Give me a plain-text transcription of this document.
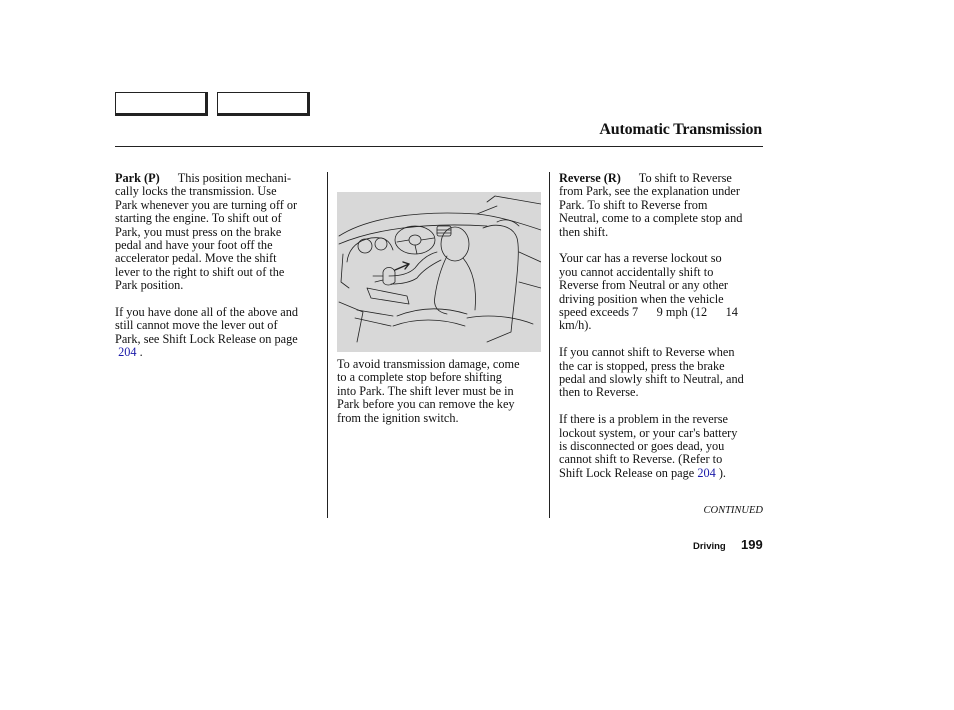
Automatic Transmission

Park (P) This position mechani-
cally locks the transmission. Use
Park whenever you are turning off or
starting the engine. To shift out of
Park, you must press on the brake
pedal and have your foot off the
accelerator pedal. Move the shift
lever to the right to shift out of the
Park position.

If you have done all of the above and
still cannot move the lever out of
Park, see Shift Lock Release on page
204 .

To avoid transmission damage, come
to a complete stop before shifting
into Park. The shift lever must be in
Park before you can remove the key
from the ignition switch.

Reverse (R) To shift to Reverse
from Park, see the explanation under
Park. To shift to Reverse from
Neutral, come to a complete stop and
then shift.

Your car has a reverse lockout so
you cannot accidentally shift to
Reverse from Neutral or any other
driving position when the vehicle
speed exceeds 7      9 mph (12      14
km/h).

If you cannot shift to Reverse when
the car is stopped, press the brake
pedal and slowly shift to Neutral, and
then to Reverse.

If there is a problem in the reverse
lockout system, or your car's battery
is disconnected or goes dead, you
cannot shift to Reverse. (Refer to
Shift Lock Release on page 204 ).

CONTINUED
Driving 199
